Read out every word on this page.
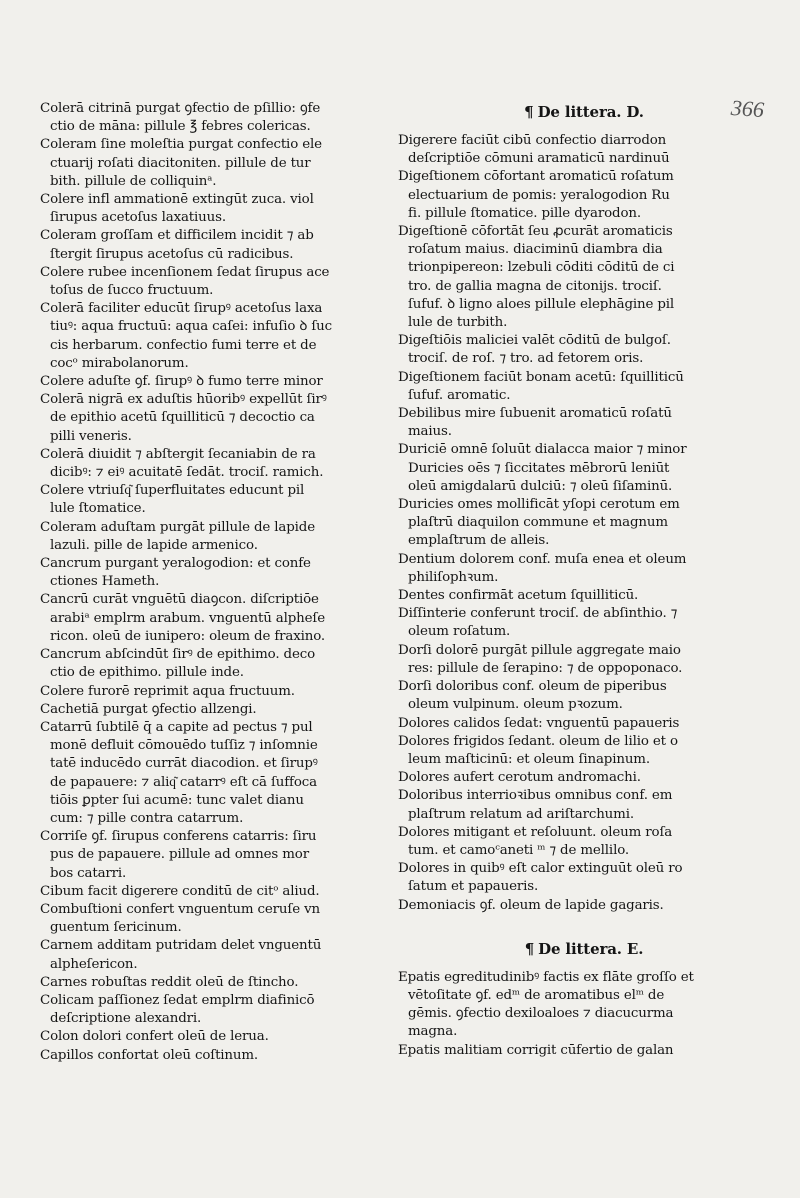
366
Colerā citrinā purgat ꝯfectio de pſillio: ꝯfe
ctio de māna: pillule ℥ febres colericas.
Coleram ſine moleſtia purgat confectio ele
ctuarij roſati diacitoniten. pillule de tur
bith. pillule de colliquinᵃ.
Colere infl ammationē extingūt zuca. viol
ſirupus acetoſus laxatiuus.
Coleram groſſam et difficilem incidit ⁊ ab
ſtergit ſirupus acetoſus cū radicibus.
Colere rubee incenſionem ſedat ſirupus ace
toſus de ſucco fructuum.
Colerā faciliter educūt ſirupꝰ acetoſus laxa
tiuꝰ: aqua fructuū: aqua caſei: infuſio ꝺ ſuc
cis herbarum. confectio fumi terre et de
cocᵒ mirabolanorum.
Colere aduſte ꝯf. ſirupꝰ ꝺ fumo terre minor
Colerā nigrā ex aduſtis hūoribꝰ expellūt ſirꝰ
de epithio acetū ſquilliticū ⁊ decoctio ca
pilli veneris.
Colerā diuidit ⁊ abſtergit ſecaniabin de ra
dicibꝰ: ⁊ eiꝰ acuitatē ſedāt. trociſ. ramich.
Colere vtriuſq͂ ſuperfluitates educunt pil
lule ſtomatice.
Coleram aduſtam purgāt pillule de lapide
lazuli. pille de lapide armenico.
Cancrum purgant yeralogodion: et confe
ctiones Hameth.
Cancrū curāt vnguētū diaꝯcon. diſcriptiōe
arabiᵃ emplrm arabum. vnguentū alpheſe
ricon. oleū de iunipero: oleum de fraxino.
Cancrum abſcindūt ſirꝰ de epithimo. deco
ctio de epithimo. pillule inde.
Colere furorē reprimit aqua fructuum.
Cachetiā purgat ꝯfectio allzengi.
Catarrū ſubtilē q̄ a capite ad pectus ⁊ pul
monē defluit cōmouēdo tuſſiz ⁊ inſomnie
tatē inducēdo currāt diacodion. et ſirupꝰ
de papauere: ⁊ aliq͂ catarrꝰ eſt cā ſuffoca
tiōis ꝑpter ſui acumē: tunc valet dianu
cum: ⁊ pille contra catarrum.
Corriſe ꝯf. ſirupus conferens catarris: ſiru
pus de papauere. pillule ad omnes mor
bos catarri.
Cibum facit digerere conditū de citᵒ aliud.
Combuſtioni confert vnguentum ceruſe vn
guentum ſericinum.
Carnem additam putridam delet vnguentū
alpheſericon.
Carnes robuſtas reddit oleū de ſtincho.
Colicam paſſionez ſedat emplrm diafinicō
deſcriptione alexandri.
Colon dolori confert oleū de lerua.
Capillos confortat oleū coſtinum.
¶ De littera. D.
Digerere faciūt cibū confectio diarrodon
deſcriptiōe cōmuni aramaticū nardinuū
Digeſtionem cōfortant aromaticū roſatum
electuarium de pomis: yeralogodion Ru
fi. pillule ſtomatice. pille dyarodon.
Digeſtionē cōfortāt ſeu ꝓcurāt aromaticis
roſatum maius. diaciminū diambra dia
trionpipereon: lzebuli cōditi cōditū de ci
tro. de gallia magna de citonijs. trociſ.
ſufuf. ꝺ ligno aloes pillule elephāgine pil
lule de turbith.
Digeſtiōis maliciei valēt cōditū de bulgoſ.
trociſ. de roſ. ⁊ tro. ad fetorem oris.
Digeſtionem faciūt bonam acetū: ſquilliticū
ſufuf. aromatic.
Debilibus mire ſubuenit aromaticū roſatū
maius.
Duriciē omnē ſoluūt dialacca maior ⁊ minor
Duricies oēs ⁊ ſiccitates mēbrorū leniūt
oleū amigdalarū dulciū: ⁊ oleū ſiſaminū.
Duricies omes mollificāt yſopi cerotum em
plaſtrū diaquilon commune et magnum
emplaſtrum de alleis.
Dentium dolorem conf. muſa enea et oleum
philiſophꝛum.
Dentes confirmāt acetum ſquilliticū.
Diſſinterie conferunt trociſ. de abſinthio. ⁊
oleum roſatum.
Dorſi dolorē purgāt pillule aggregate maio
res: pillule de ſerapino: ⁊ de oppoponaco.
Dorſi doloribus conf. oleum de piperibus
oleum vulpinum. oleum pꝛozum.
Dolores calidos ſedat: vnguentū papaueris
Dolores frigidos ſedant. oleum de lilio et o
leum maſticinū: et oleum ſinapinum.
Dolores aufert cerotum andromachi.
Doloribus interrioꝛibus omnibus conf. em
plaſtrum relatum ad ariſtarchumi.
Dolores mitigant et reſoluunt. oleum roſa
tum. et camoᶜaneti ᵐ ⁊ de mellilo.
Dolores in quibꝰ eſt calor extinguūt oleū ro
ſatum et papaueris.
Demoniacis ꝯf. oleum de lapide gagaris.
¶ De littera. E.
Epatis egreditudinibꝰ factis ex flāte groſſo et
vētoſitate ꝯf. edᵐ de aromatibus elᵐ de
gēmis. ꝯfectio dexiloaloes ⁊ diacucurma
magna.
Epatis malitiam corrigit cūfertio de galan
